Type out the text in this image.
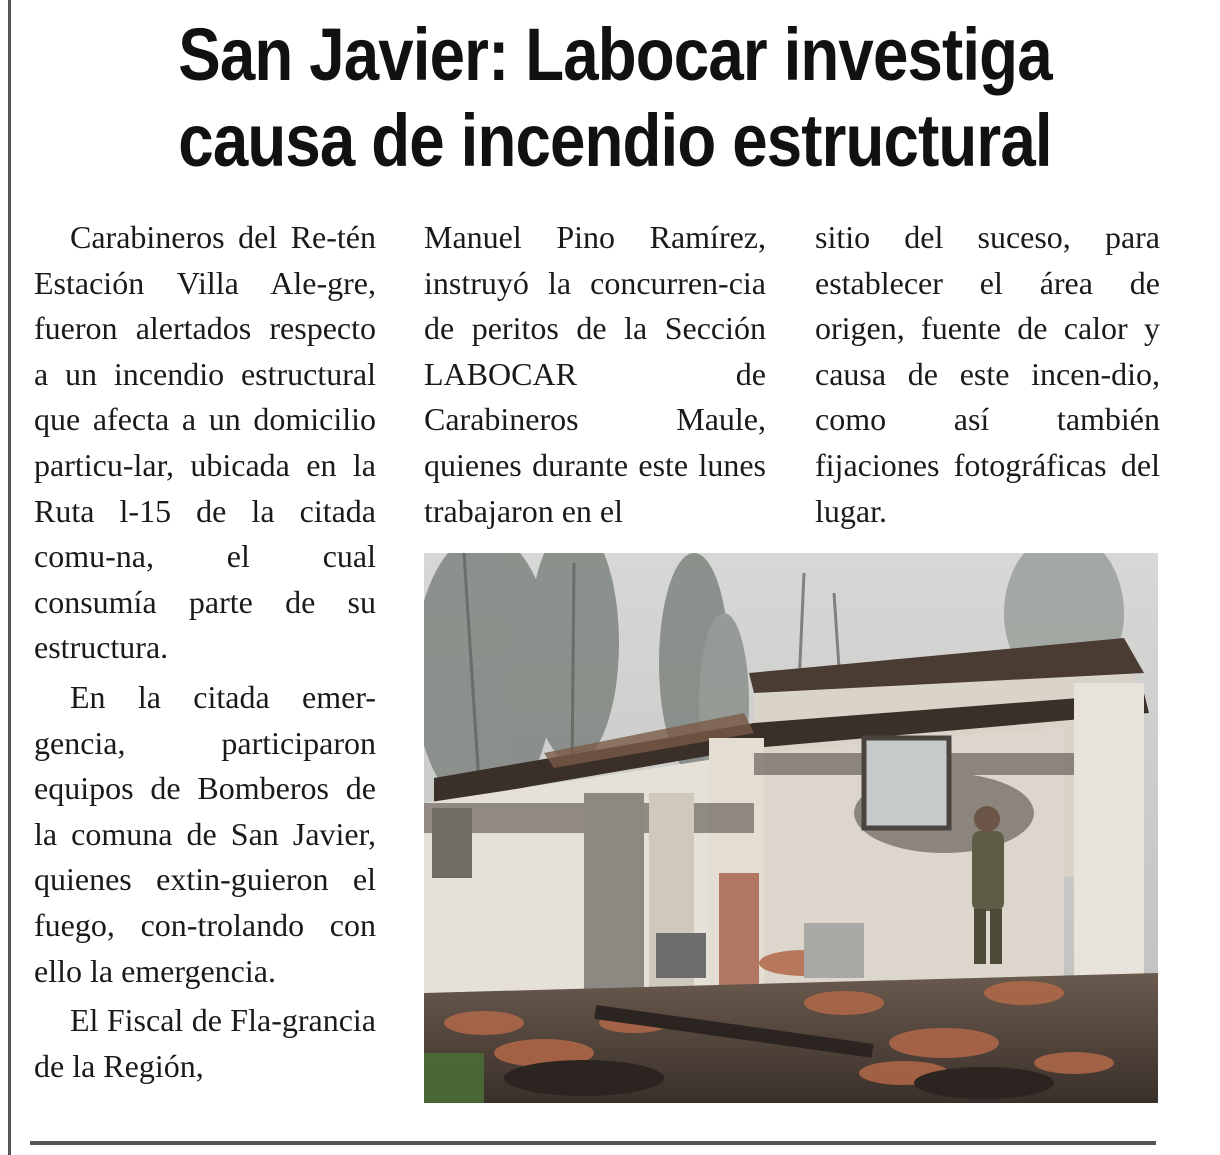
San Javier: Labocar investiga
causa de incendio estructural

Carabineros del Re-tén Estación Villa Ale-gre, fueron alertados respecto a un incendio estructural que afecta a un domicilio particu-lar, ubicada en la Ruta l-15 de la citada comu-na, el cual consumía parte de su estructura.

En la citada emer-gencia, participaron equipos de Bomberos de la comuna de San Javier, quienes extin-guieron el fuego, con-trolando con ello la emergencia.

El Fiscal de Fla-grancia de la Región,

Manuel Pino Ramírez, instruyó la concurren-cia de peritos de la Sección LABOCAR de Carabineros Maule, quienes durante este lunes trabajaron en el

sitio del suceso, para establecer el área de origen, fuente de calor y causa de este incen-dio, como así también fijaciones fotográficas del lugar.
